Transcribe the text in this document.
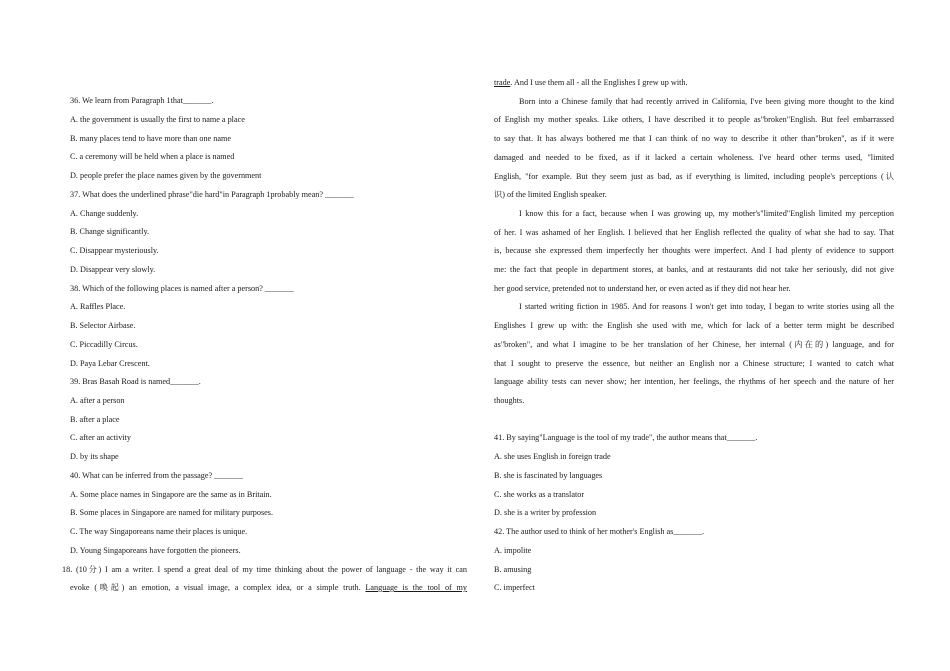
36. We learn from Paragraph 1that_______.
A. the government is usually the first to name a place
B. many places tend to have more than one name
C. a ceremony will be held when a place is named
D. people prefer the place names given by the government
37. What does the underlined phrase"die hard"in Paragraph 1probably mean? _______
A. Change suddenly.
B. Change significantly.
C. Disappear mysteriously.
D. Disappear very slowly.
38. Which of the following places is named after a person? _______
A. Raffles Place.
B. Selector Airbase.
C. Piccadilly Circus.
D. Paya Lebar Crescent.
39. Bras Basah Road is named_______.
A. after a person
B. after a place
C. after an activity
D. by its shape
40. What can be inferred from the passage? _______
A. Some place names in Singapore are the same as in Britain.
B. Some places in Singapore are named for military purposes.
C. The way Singaporeans name their places is unique.
D. Young Singaporeans have forgotten the pioneers.
18. (10分) I am a writer. I spend a great deal of my time thinking about the power of language - the way it can
evoke (唤起) an emotion, a visual image, a complex idea, or a simple truth. Language is the tool of my
trade. And I use them all - all the Englishes I grew up with.
Born into a Chinese family that had recently arrived in California, I've been giving more thought to the kind
of English my mother speaks. Like others, I have described it to people as"broken"English. But feel embarrassed
to say that. It has always bothered me that I can think of no way to describe it other than"broken", as if it were
damaged and needed to be fixed, as if it lacked a certain wholeness. I've heard other terms used, "limited
English, "for example. But they seem just as bad, as if everything is limited, including people's perceptions (认
识) of the limited English speaker.
I know this for a fact, because when I was growing up, my mother's"limited"English limited my perception
of her. I was ashamed of her English. I believed that her English reflected the quality of what she had to say. That
is, because she expressed them imperfectly her thoughts were imperfect. And I had plenty of evidence to support
me: the fact that people in department stores, at banks, and at restaurants did not take her seriously, did not give
her good service, pretended not to understand her, or even acted as if they did not hear her.
I started writing fiction in 1985. And for reasons I won't get into today, I began to write stories using all the
Englishes I grew up with: the English she used with me, which for lack of a better term might be described
as"broken", and what I imagine to be her translation of her Chinese, her internal (内在的) language, and for
that I sought to preserve the essence, but neither an English nor a Chinese structure; I wanted to catch what
language ability tests can never show; her intention, her feelings, the rhythms of her speech and the nature of her
thoughts.
41. By saying"Language is the tool of my trade", the author means that_______.
A. she uses English in foreign trade
B. she is fascinated by languages
C. she works as a translator
D. she is a writer by profession
42. The author used to think of her mother's English as_______.
A. impolite
B. amusing
C. imperfect
